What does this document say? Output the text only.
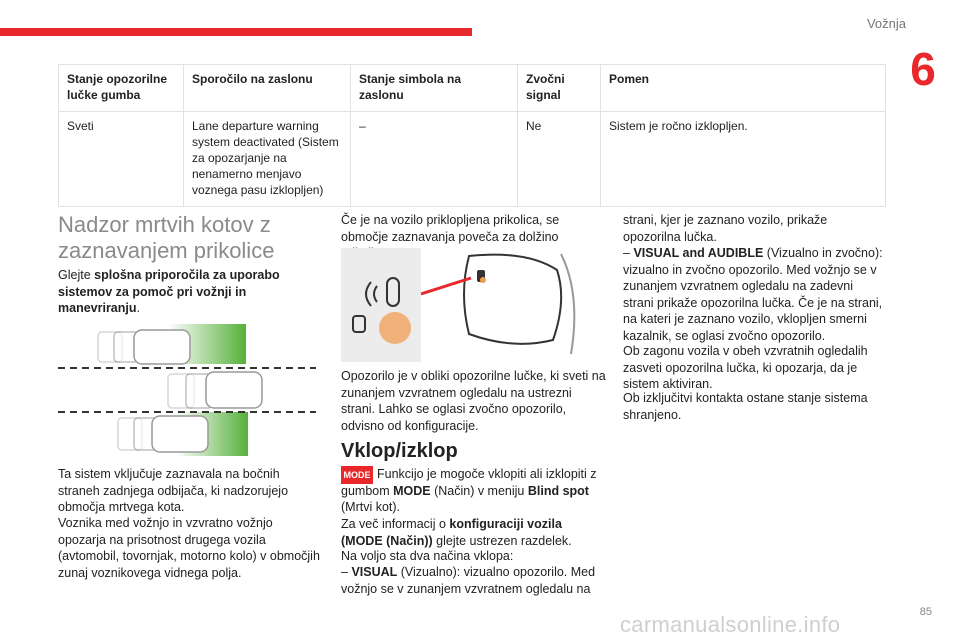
Vožnja
6
Stanje opozorilne lučke gumba	Sporočilo na zaslonu	Stanje simbola na zaslonu	Zvočni signal	Pomen
Sveti	Lane departure warning system deactivated (Sistem za opozarjanje na nenamerno menjavo voznega pasu izklopljen)	–	Ne	Sistem je ročno izklopljen.
Nadzor mrtvih kotov z zaznavanjem prikolice
Glejte splošna priporočila za uporabo sistemov za pomoč pri vožnji in manevriranju.
Ta sistem vključuje zaznavala na bočnih straneh zadnjega odbijača, ki nadzorujejo območja mrtvega kota.
Voznika med vožnjo in vzvratno vožnjo opozarja na prisotnost drugega vozila (avtomobil, tovornjak, motorno kolo) v območjih zunaj voznikovega vidnega polja.
Če je na vozilo priklopljena prikolica, se območje zaznavanja poveča za dolžino
Opozorilo je v obliki opozorilne lučke, ki sveti na zunanjem vzvratnem ogledalu na ustrezni strani. Lahko se oglasi zvočno opozorilo, odvisno od konfiguracije.
Vklop/izklop
MODE Funkcijo je mogoče vklopiti ali izklopiti z gumbom MODE (Način) v meniju Blind spot (Mrtvi kot).
Za več informacij o konfiguraciji vozila (MODE (Način)) glejte ustrezen razdelek.
Na voljo sta dva načina vklopa:
– VISUAL (Vizualno): vizualno opozorilo. Med vožnjo se v zunanjem vzvratnem ogledalu na
strani, kjer je zaznano vozilo, prikaže opozorilna lučka.
– VISUAL and AUDIBLE (Vizualno in zvočno): vizualno in zvočno opozorilo. Med vožnjo se v zunanjem vzvratnem ogledalu na zadevni strani prikaže opozorilna lučka. Če je na strani, na kateri je zaznano vozilo, vklopljen smerni kazalnik, se oglasi zvočno opozorilo.
Ob zagonu vozila v obeh vzvratnih ogledalih zasveti opozorilna lučka, ki opozarja, da je sistem aktiviran.
Ob izključitvi kontakta ostane stanje sistema shranjeno.
85
carmanualsonline.info
